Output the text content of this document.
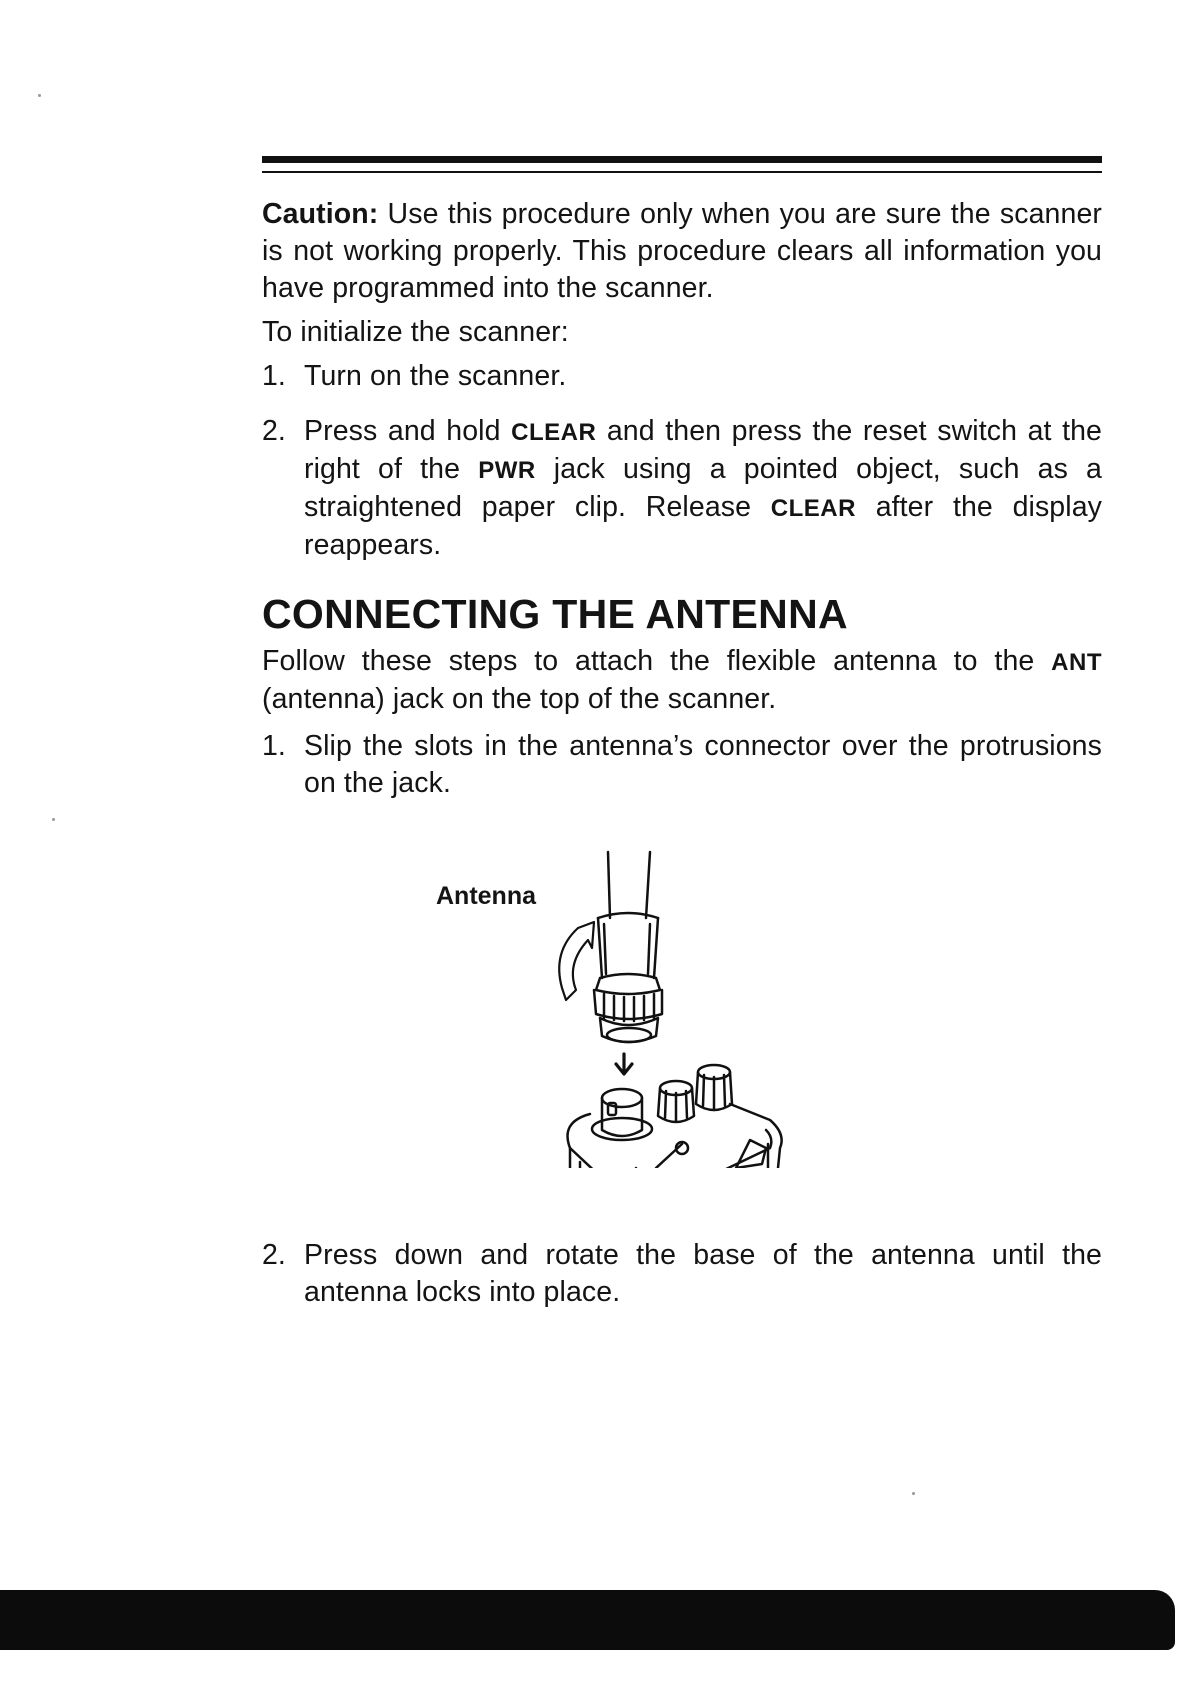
Caution: Use this procedure only when you are sure the scanner is not working properly. This procedure clears all information you have programmed into the scanner.

To initialize the scanner:

1. Turn on the scanner.

2. Press and hold CLEAR and then press the reset switch at the right of the PWR jack using a pointed object, such as a straightened paper clip. Release CLEAR after the display reappears.

CONNECTING THE ANTENNA

Follow these steps to attach the flexible antenna to the ANT (antenna) jack on the top of the scanner.

1. Slip the slots in the antenna’s connector over the protrusions on the jack.

Antenna
2. Press down and rotate the base of the antenna until the antenna locks into place.
